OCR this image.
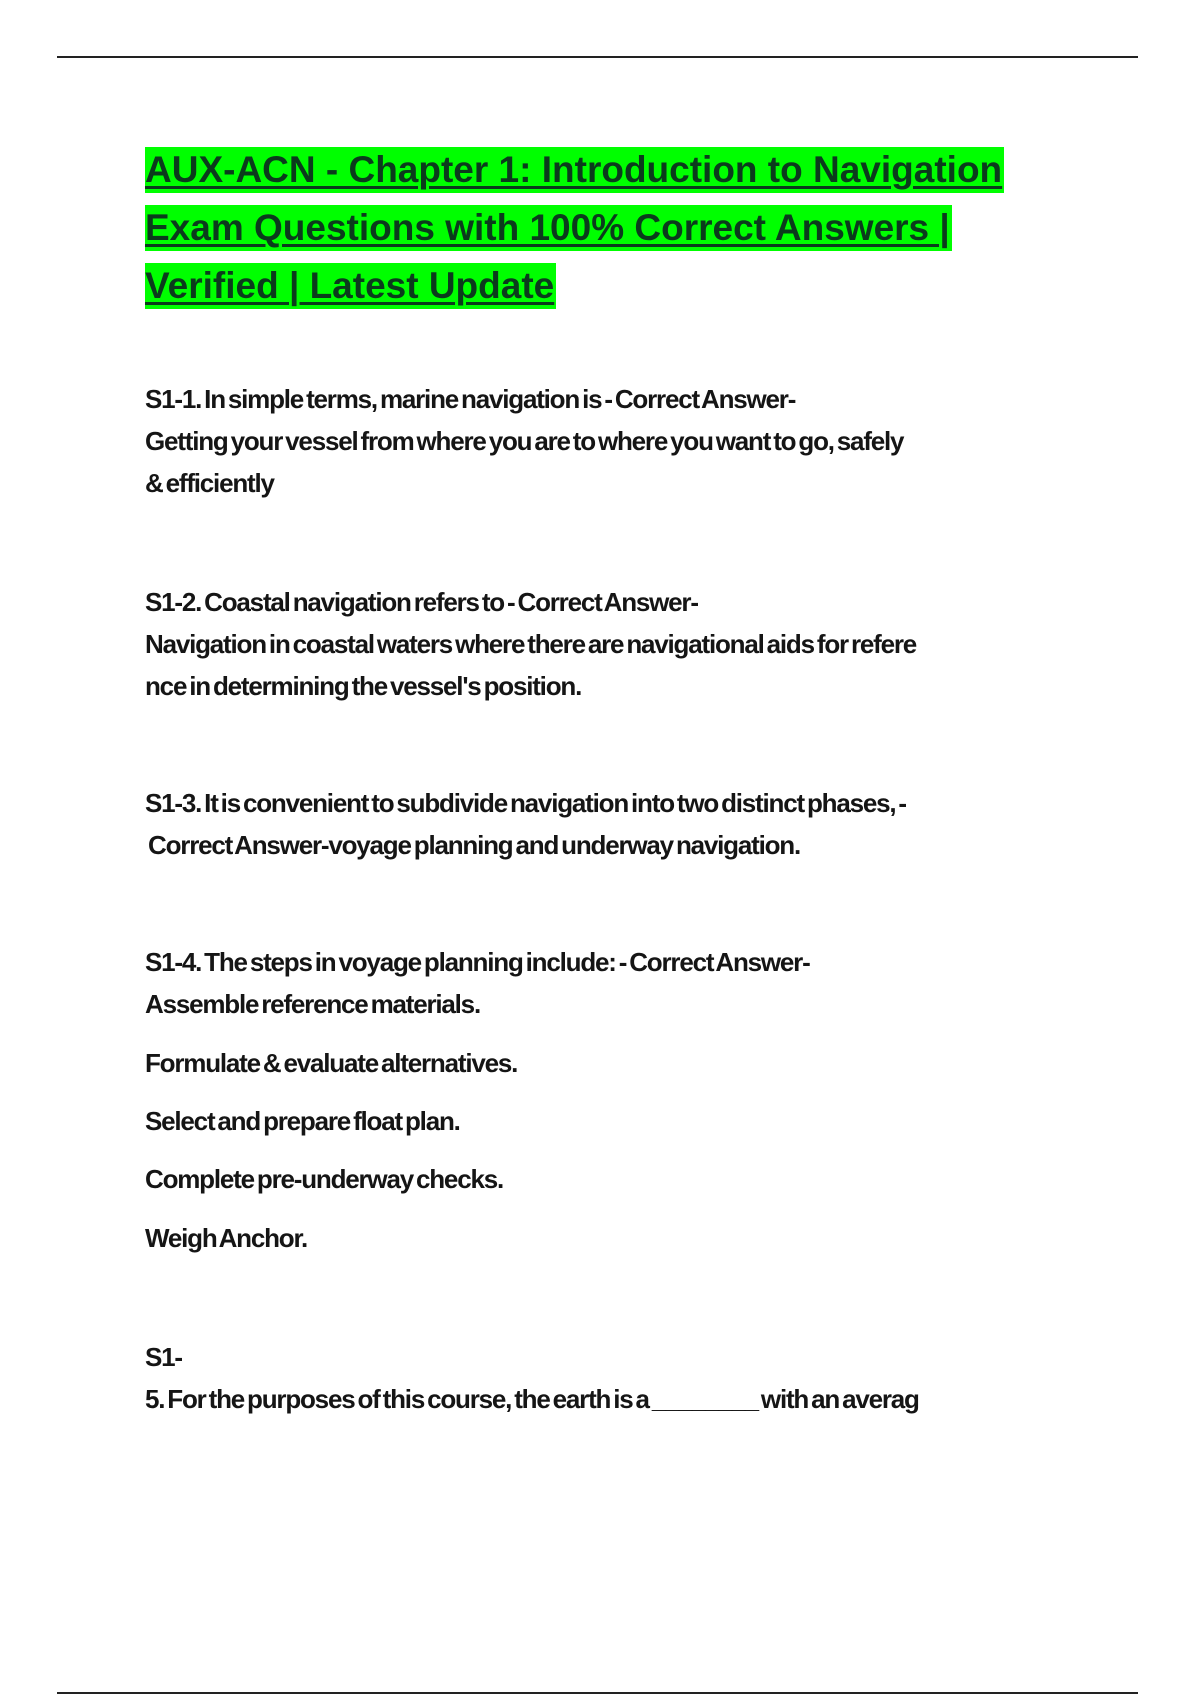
AUX-ACN - Chapter 1: Introduction to Navigation
Exam Questions with 100% Correct Answers |
Verified | Latest Update
S1-1. In simple terms, marine navigation is - Correct Answer-
Getting your vessel from where you are to where you want to go, safely
& efficiently
S1-2. Coastal navigation refers to - Correct Answer-
Navigation in coastal waters where there are navigational aids for refere
nce in determining the vessel's position.
S1-3. It is convenient to subdivide navigation into two distinct phases, -
Correct Answer-voyage planning and underway navigation.
S1-4. The steps in voyage planning include: - Correct Answer-
Assemble reference materials.
Formulate & evaluate alternatives.
Select and prepare float plan.
Complete pre-underway checks.
Weigh Anchor.
S1-
5. For the purposes of this course, the earth is a ________ with an averag
